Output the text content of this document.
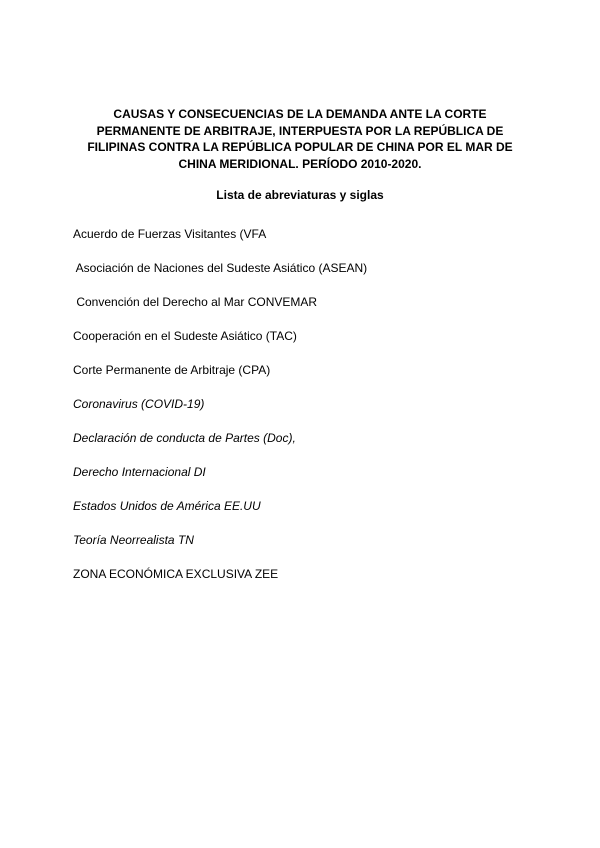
CAUSAS Y CONSECUENCIAS DE LA DEMANDA ANTE LA CORTE
PERMANENTE DE ARBITRAJE, INTERPUESTA POR LA REPÚBLICA DE
FILIPINAS CONTRA LA REPÚBLICA POPULAR DE CHINA POR EL MAR DE
CHINA MERIDIONAL. PERÍODO 2010-2020.
Lista de abreviaturas y siglas
Acuerdo de Fuerzas Visitantes (VFA
Asociación de Naciones del Sudeste Asiático (ASEAN)
Convención del Derecho al Mar CONVEMAR
Cooperación en el Sudeste Asiático (TAC)
Corte Permanente de Arbitraje (CPA)
Coronavirus (COVID-19)
Declaración de conducta de Partes (Doc),
Derecho Internacional DI
Estados Unidos de América EE.UU
Teoría Neorrealista TN
ZONA ECONÓMICA EXCLUSIVA ZEE
